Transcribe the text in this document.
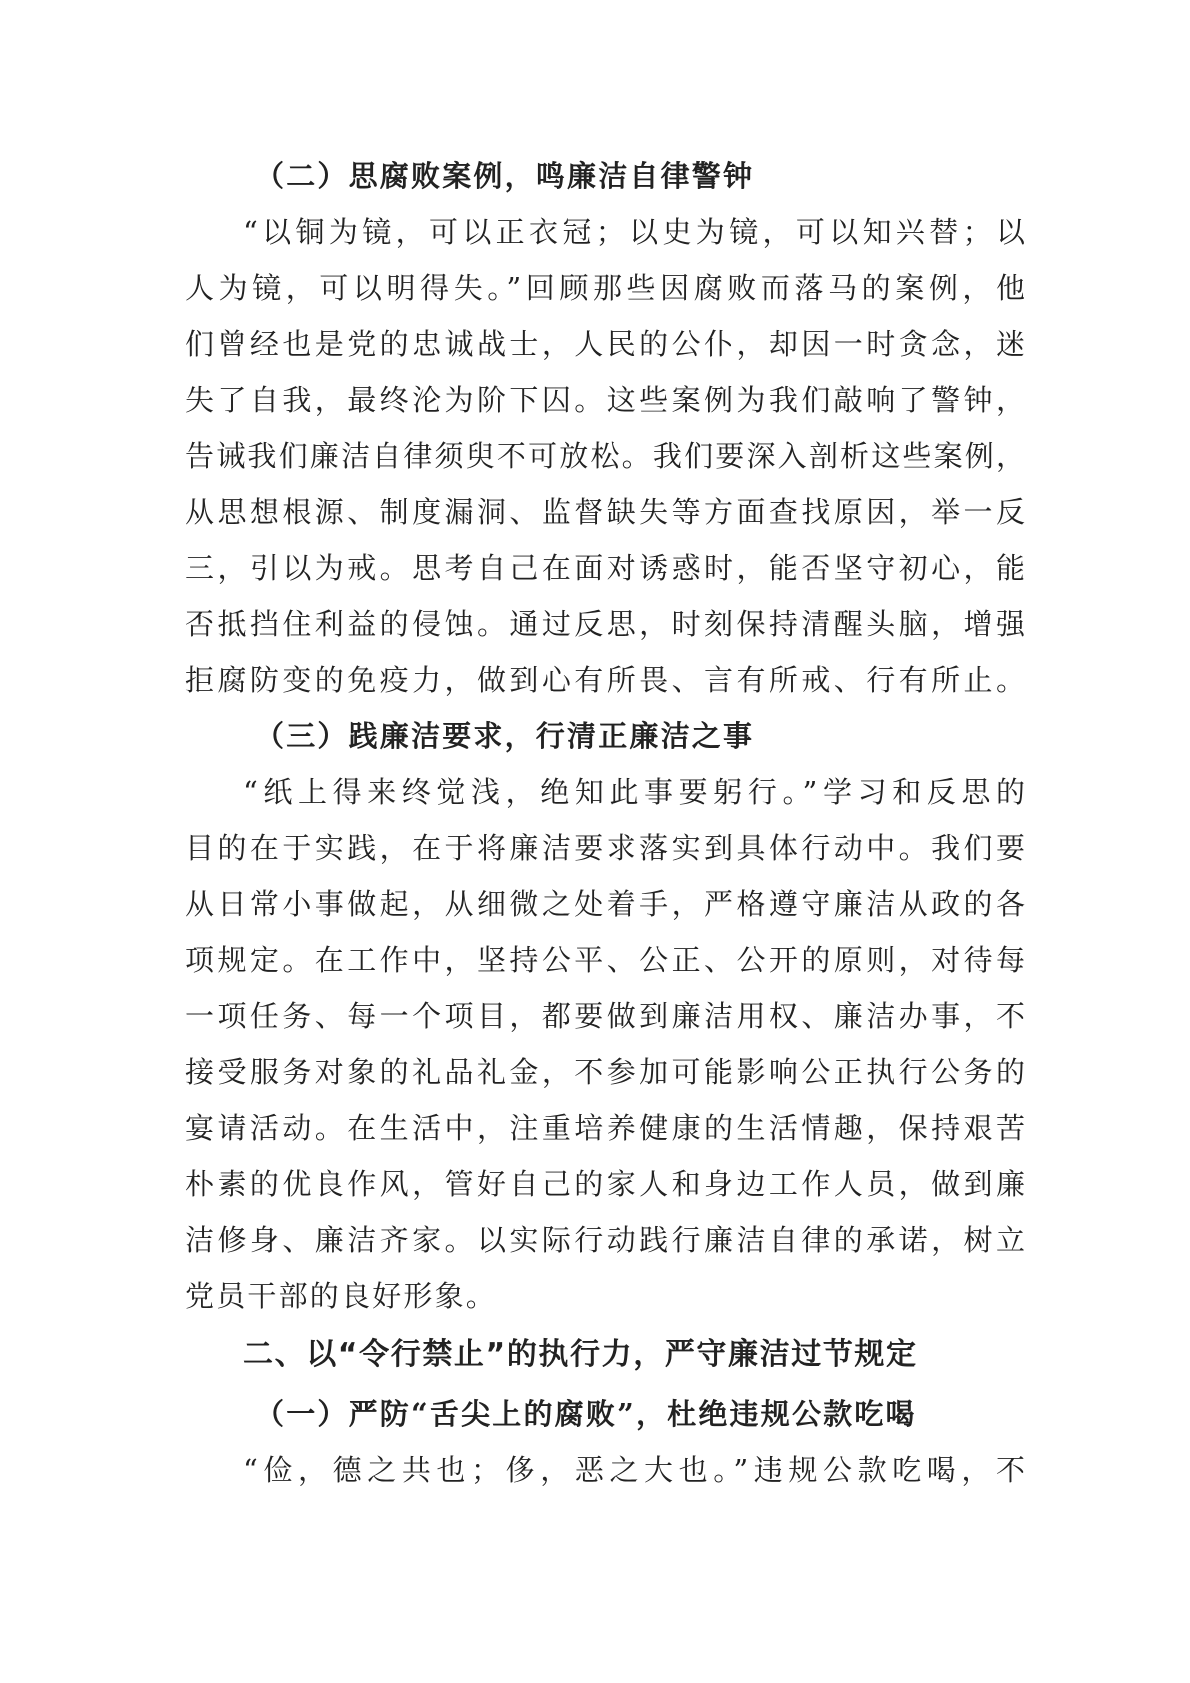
（二）思腐败案例，鸣廉洁自律警钟
“以铜为镜，可以正衣冠；以史为镜，可以知兴替；以
人为镜，可以明得失。”回顾那些因腐败而落马的案例，他
们曾经也是党的忠诚战士，人民的公仆，却因一时贪念，迷
失了自我，最终沦为阶下囚。这些案例为我们敲响了警钟，
告诫我们廉洁自律须臾不可放松。我们要深入剖析这些案例，
从思想根源、制度漏洞、监督缺失等方面查找原因，举一反
三，引以为戒。思考自己在面对诱惑时，能否坚守初心，能
否抵挡住利益的侵蚀。通过反思，时刻保持清醒头脑，增强
拒腐防变的免疫力，做到心有所畏、言有所戒、行有所止。
（三）践廉洁要求，行清正廉洁之事
“纸上得来终觉浅，绝知此事要躬行。”学习和反思的
目的在于实践，在于将廉洁要求落实到具体行动中。我们要
从日常小事做起，从细微之处着手，严格遵守廉洁从政的各
项规定。在工作中，坚持公平、公正、公开的原则，对待每
一项任务、每一个项目，都要做到廉洁用权、廉洁办事，不
接受服务对象的礼品礼金，不参加可能影响公正执行公务的
宴请活动。在生活中，注重培养健康的生活情趣，保持艰苦
朴素的优良作风，管好自己的家人和身边工作人员，做到廉
洁修身、廉洁齐家。以实际行动践行廉洁自律的承诺，树立
党员干部的良好形象。
二、以“令行禁止”的执行力，严守廉洁过节规定
（一）严防“舌尖上的腐败”，杜绝违规公款吃喝
“俭，德之共也；侈，恶之大也。”违规公款吃喝，不
